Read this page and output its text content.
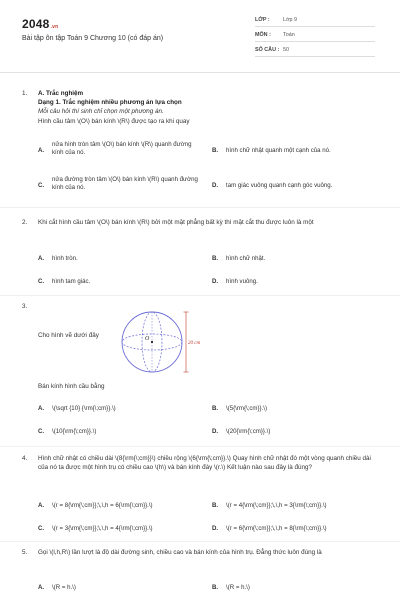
2048.vn
Bài tập ôn tập Toán 9 Chương 10 (có đáp án)
LỚP : Lớp 9
MÔN : Toán
SỐ CÂU : 50
1. A. Trắc nghiệm
Dạng 1. Trắc nghiệm nhiều phương án lựa chọn
Mỗi câu hỏi thí sinh chỉ chọn một phương án.
Hình cầu tâm \(O\) bán kính \(R\) được tạo ra khi quay
A.
nửa hình tròn tâm \(O\) bán kính \(R\) quanh đường kính của nó.	B. hình chữ nhật quanh một cạnh của nó.
C.
nửa đường tròn tâm \(O\) bán kính \(R\) quanh đường kính của nó.	D. tam giác vuông quanh cạnh góc vuông.
2. Khi cắt hình cầu tâm \(O\) bán kính \(R\) bởi một mặt phẳng bất kỳ thì mặt cắt thu được luôn là một
A. hình tròn.	B. hình chữ nhật.
C. hình tam giác.	D. hình vuông.
3.
Cho hình vẽ dưới đây	O
20 cm
Bán kính hình cầu bằng
A. \(\sqrt {10} {\rm{\;cm}}.\)	B. \(5{\rm{\;cm}}.\)
C. \(10{\rm{\;cm}}.\)	D. \(20{\rm{\;cm}}.\)
4. Hình chữ nhật có chiều dài \(8{\rm{\;cm}}\) chiều rộng \(6{\rm{\;cm}}.\) Quay hình chữ nhật đó một vòng quanh chiều dài của nó ta được một hình trụ có chiều cao \(h\) và bán kính đáy \(r.\) Kết luận nào sau đây là đúng?
A. \(r = 8{\rm{\;cm}};\,\,h = 6{\rm{\;cm}}.\)	B. \(r = 4{\rm{\;cm}};\,\,h = 3{\rm{\;cm}}.\)
C. \(r = 3{\rm{\;cm}};\,\,h = 4{\rm{\;cm}}.\)	D. \(r = 6{\rm{\;cm}};\,\,h = 8{\rm{\;cm}}.\)
5. Gọi \(l,h,R\) lần lượt là độ dài đường sinh, chiều cao và bán kính của hình trụ. Đẳng thức luôn đúng là
A. \(R = h.\)	B. \(R = h.\)
